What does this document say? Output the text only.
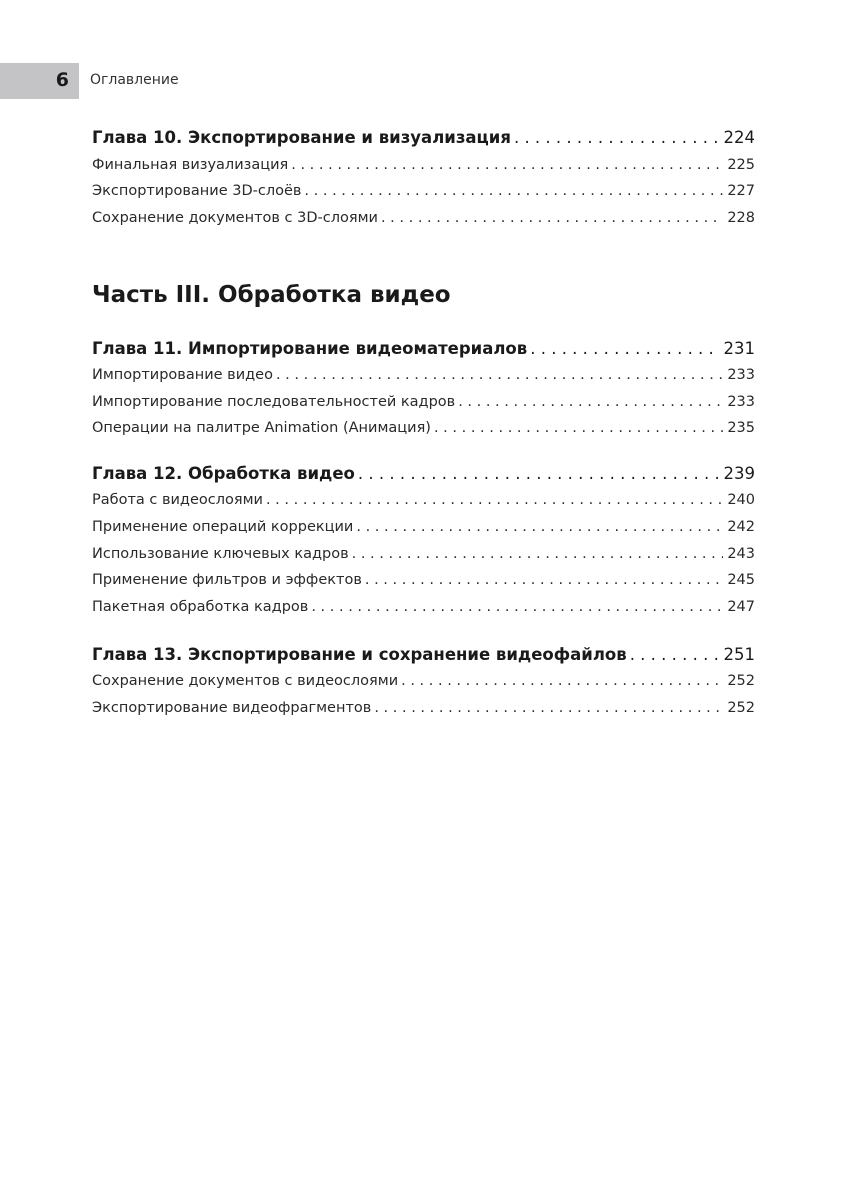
6 Оглавление
Часть III. Обработка видео
Глава 10. Экспортирование и визуализация . . .	224
Финальная визуализация . . .	225
Экспортирование 3D-слоёв . . .	227
Сохранение документов с 3D-слоями . . .	228
Глава 11. Импортирование видеоматериалов . . .	231
Импортирование видео . . .	233
Импортирование последовательностей кадров . . .	233
Операции на палитре Animation (Анимация) . . .	235
Глава 12. Обработка видео . . .	239
Работа с видеослоями . . .	240
Применение операций коррекции . . .	242
Использование ключевых кадров . . .	243
Применение фильтров и эффектов . . .	245
Пакетная обработка кадров . . .	247
Глава 13. Экспортирование и сохранение видеофайлов . . .	251
Сохранение документов с видеослоями . . .	252
Экспортирование видеофрагментов . . .	252
